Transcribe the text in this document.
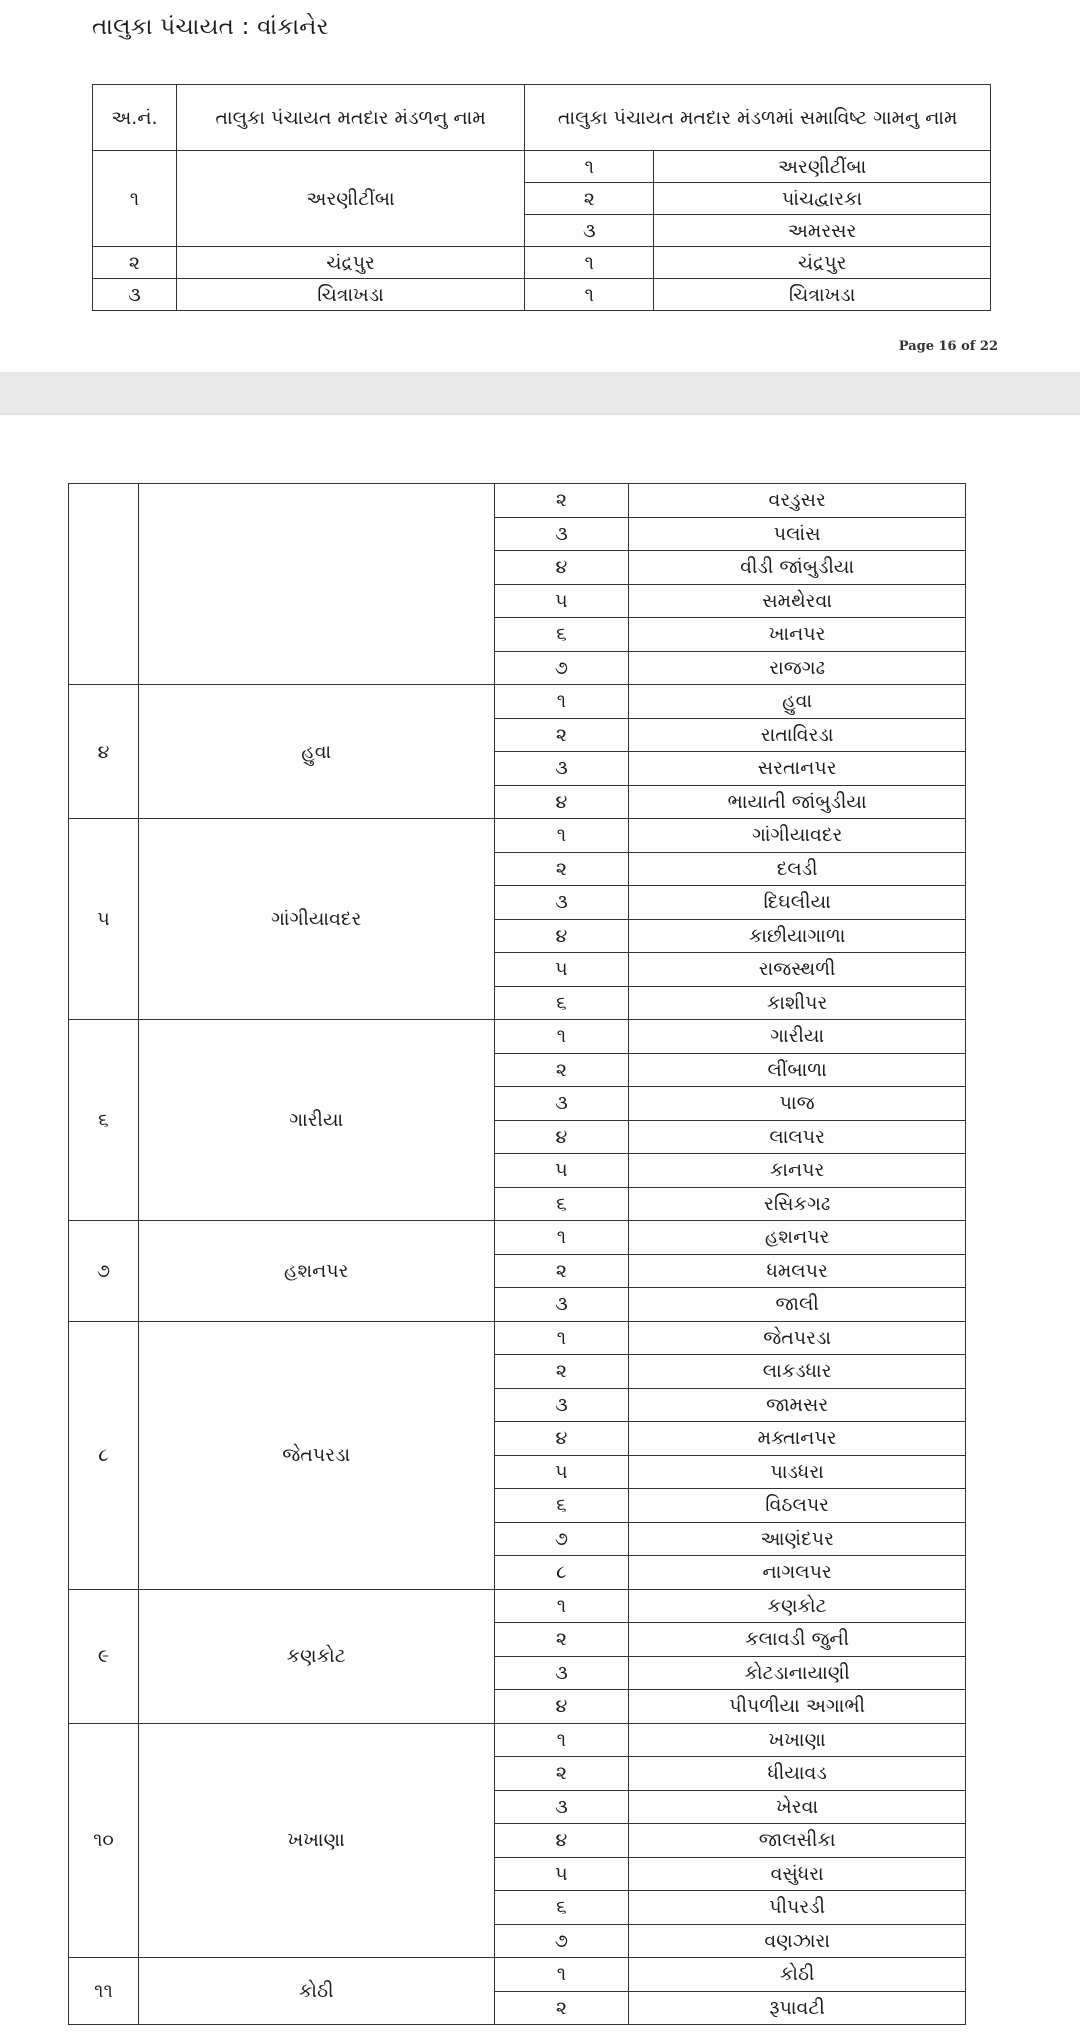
તાલુકા પંચાયત : વાંકાનેર
અ.નં.	તાલુકા પંચાયત મતદાર મંડળનુ નામ	તાલુકા પંચાયત મતદાર મંડળમાં સમાવિષ્ટ ગામનુ નામ	
૧	અરણીટીંબા	૧	અરણીટીંબા
		૨	પાંચદ્વારકા
		૩	અમરસર
૨	ચંદ્રપુર	૧	ચંદ્રપુર
૩	ચિત્રાખડા	૧	ચિત્રાખડા
Page 16 of 22
		૨	વરડુસર
		૩	પલાંસ
		૪	વીડી જાંબુડીયા
		૫	સમથેરવા
		૬	ખાનપર
		૭	રાજગઢ
૪	હુવા	૧	હુવા
		૨	રાતાવિરડા
		૩	સરતાનપર
		૪	ભાયાતી જાંબુડીયા
૫	ગાંગીયાવદર	૧	ગાંગીયાવદર
		૨	દલડી
		૩	દિઘલીયા
		૪	કાછીયાગાળા
		૫	રાજસ્થળી
		૬	કાશીપર
૬	ગારીયા	૧	ગારીયા
		૨	લીંબાળા
		૩	પાજ
		૪	લાલપર
		૫	કાનપર
		૬	રસિકગઢ
૭	હશનપર	૧	હશનપર
		૨	ધમલપર
		૩	જાલી
૮	જેતપરડા	૧	જેતપરડા
		૨	લાકડધાર
		૩	જામસર
		૪	મક્તાનપર
		૫	પાડધરા
		૬	વિઠલપર
		૭	આણંદપર
		૮	નાગલપર
૯	કણકોટ	૧	કણકોટ
		૨	કલાવડી જુની
		૩	કોટડાનાયાણી
		૪	પીપળીયા અગાભી
૧૦	ખખાણા	૧	ખખાણા
		૨	ધીયાવડ
		૩	ખેરવા
		૪	જાલસીકા
		૫	વસુંધરા
		૬	પીપરડી
		૭	વણઝારા
૧૧	કોઠી	૧	કોઠી
		૨	રૂપાવટી
